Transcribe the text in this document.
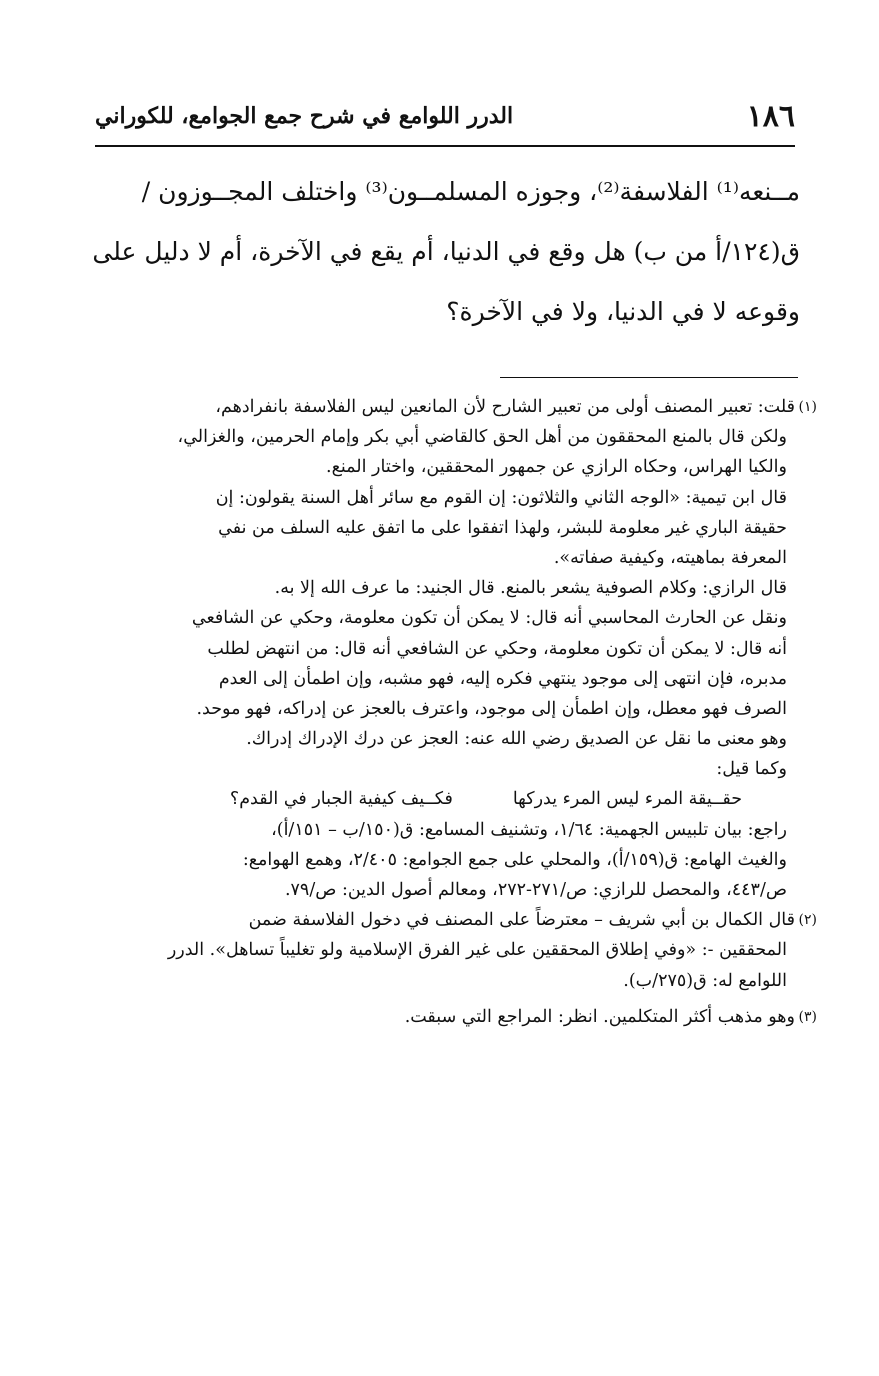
١٨٦
الدرر اللوامع في شرح جمع الجوامع، للكوراني
مــنعه⁽¹⁾ الفلاسفة⁽²⁾، وجوزه المسلمــون⁽³⁾ واختلف المجــوزون /
ق(١٢٤/أ من ب) هل وقع في الدنيا، أم يقع في الآخرة، أم لا دليل على
وقوعه لا في الدنيا، ولا في الآخرة؟
(١)
قلت: تعبير المصنف أولى من تعبير الشارح لأن المانعين ليس الفلاسفة بانفرادهم،
ولكن قال بالمنع المحققون من أهل الحق كالقاضي أبي بكر وإمام الحرمين، والغزالي،
والكيا الهراس، وحكاه الرازي عن جمهور المحققين، واختار المنع.
قال ابن تيمية: «الوجه الثاني والثلاثون: إن القوم مع سائر أهل السنة يقولون: إن
حقيقة الباري غير معلومة للبشر، ولهذا اتفقوا على ما اتفق عليه السلف من نفي
المعرفة بماهيته، وكيفية صفاته».
قال الرازي: وكلام الصوفية يشعر بالمنع. قال الجنيد: ما عرف الله إلا به.
ونقل عن الحارث المحاسبي أنه قال: لا يمكن أن تكون معلومة، وحكي عن الشافعي
أنه قال: لا يمكن أن تكون معلومة، وحكي عن الشافعي أنه قال: من انتهض لطلب
مدبره، فإن انتهى إلى موجود ينتهي فكره إليه، فهو مشبه، وإن اطمأن إلى العدم
الصرف فهو معطل، وإن اطمأن إلى موجود، واعترف بالعجز عن إدراكه، فهو موحد.
وهو معنى ما نقل عن الصديق رضي الله عنه: العجز عن درك الإدراك إدراك.
وكما قيل:
حقــيقة المرء ليس المرء يدركها
فكــيف كيفية الجبار في القدم؟
راجع: بيان تلبيس الجهمية: ١/٦٤، وتشنيف المسامع: ق(١٥٠/ب – ١٥١/أ)،
والغيث الهامع: ق(١٥٩/أ)، والمحلي على جمع الجوامع: ٢/٤٠٥، وهمع الهوامع:
ص/٤٤٣، والمحصل للرازي: ص/٢٧١-٢٧٢، ومعالم أصول الدين: ص/٧٩.
(٢)
قال الكمال بن أبي شريف – معترضاً على المصنف في دخول الفلاسفة ضمن
المحققين -: «وفي إطلاق المحققين على غير الفرق الإسلامية ولو تغليباً تساهل». الدرر
اللوامع له: ق(٢٧٥/ب).
(٣)
وهو مذهب أكثر المتكلمين. انظر: المراجع التي سبقت.
